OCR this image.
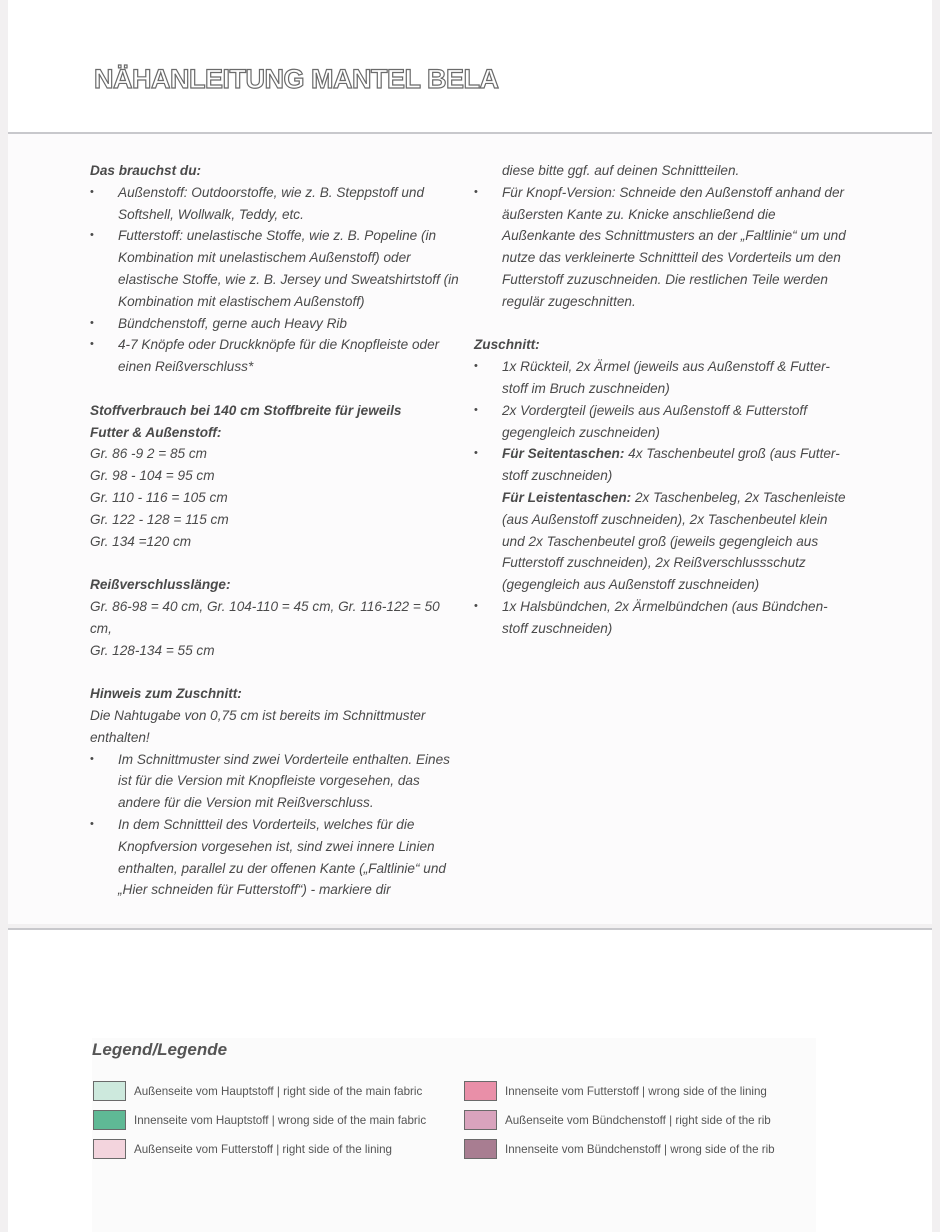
NÄHANLEITUNG MANTEL BELA

Das brauchst du:

• Außenstoff: Outdoorstoffe, wie z. B. Steppstoff und Softshell, Wollwalk, Teddy, etc.
• Futterstoff: unelastische Stoffe, wie z. B. Popeline (in Kombination mit unelastischem Außenstoff) oder elastische Stoffe, wie z. B. Jersey und Sweatshirtstoff (in Kombination mit elastischem Außenstoff)
• Bündchenstoff, gerne auch Heavy Rib
• 4-7 Knöpfe oder Druckknöpfe für die Knopfleiste oder einen Reißverschluss*

Stoffverbrauch bei 140 cm Stoffbreite für jeweils

Futter & Außenstoff:

Gr. 86 -9 2 = 85 cm

Gr. 98 - 104 = 95 cm

Gr. 110 - 116 = 105 cm

Gr. 122 - 128 = 115 cm

Gr. 134 =120 cm

Reißverschlusslänge:

Gr. 86-98 = 40 cm, Gr. 104-110 = 45 cm, Gr. 116-122 = 50 cm,

Gr. 128-134 = 55 cm

Hinweis zum Zuschnitt:

Die Nahtugabe von 0,75 cm ist bereits im Schnittmuster

enthalten!

• Im Schnittmuster sind zwei Vorderteile enthalten. Eines ist für die Version mit Knopfleiste vorgesehen, das andere für die Version mit Reißverschluss.
• In dem Schnittteil des Vorderteils, welches für die Knopfversion vorgesehen ist, sind zwei innere Linien enthalten, parallel zu der offenen Kante („Faltlinie“ und „Hier schneiden für Futterstoff“) - markiere dir
diese bitte ggf. auf deinen Schnittteilen.
• Für Knopf-Version: Schneide den Außenstoff anhand der äußersten Kante zu. Knicke anschließend die Außenkante des Schnittmusters an der „Faltlinie“ um und nutze das verkleinerte Schnittteil des Vorderteils um den Futterstoff zuzuschneiden. Die restlichen Teile werden regulär zugeschnitten.

Zuschnitt:

• 1x Rückteil, 2x Ärmel (jeweils aus Außenstoff & Futter-stoff im Bruch zuschneiden)
• 2x Vordergteil (jeweils aus Außenstoff & Futterstoff gegengleich zuschneiden)
• Für Seitentaschen: 4x Taschenbeutel groß (aus Futter-stoff zuschneiden)
Für Leistentaschen: 2x Taschenbeleg, 2x Taschenleiste (aus Außenstoff zuschneiden), 2x Taschenbeutel klein und 2x Taschenbeutel groß (jeweils gegengleich aus Futterstoff zuschneiden), 2x Reißverschlussschutz (gegengleich aus Außenstoff zuschneiden)
• 1x Halsbündchen, 2x Ärmelbündchen (aus Bündchen-stoff zuschneiden)
Legend/Legende
Außenseite vom Hauptstoff | right side of the main fabric
Innenseite vom Hauptstoff | wrong side of the main fabric
Außenseite vom Futterstoff | right side of the lining
Innenseite vom Futterstoff | wrong side of the lining
Außenseite vom Bündchenstoff | right side of the rib
Innenseite vom Bündchenstoff | wrong side of the rib
